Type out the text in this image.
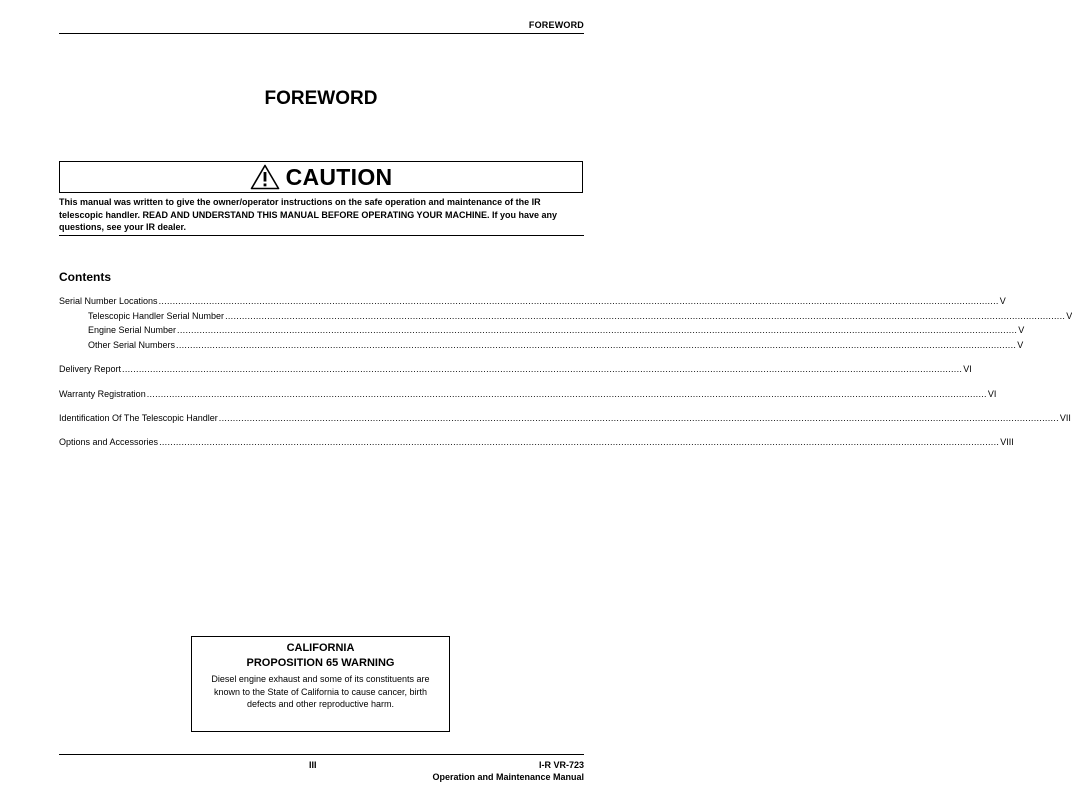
FOREWORD
FOREWORD
CAUTION
This manual was written to give the owner/operator instructions on the safe operation and maintenance of the IR telescopic handler. READ AND UNDERSTAND THIS MANUAL BEFORE OPERATING YOUR MACHINE. If you have any questions, see your IR dealer.
Contents
Serial Number Locations ............................................................................................................................................................................................................................................................................................................ V
Telescopic Handler Serial Number ............................................................................................................................................................................................................................................................................................................ V
Engine Serial Number ............................................................................................................................................................................................................................................................................................................ V
Other Serial Numbers ............................................................................................................................................................................................................................................................................................................ V
Delivery Report ............................................................................................................................................................................................................................................................................................................ VI
Warranty Registration ............................................................................................................................................................................................................................................................................................................ VI
Identification Of The Telescopic Handler ............................................................................................................................................................................................................................................................................................................ VII
Options and Accessories ............................................................................................................................................................................................................................................................................................................ VIII
CALIFORNIA
PROPOSITION 65 WARNING
Diesel engine exhaust and some of its constituents are known to the State of California to cause cancer, birth defects and other reproductive harm.
III	I-R VR-723
Operation and Maintenance Manual
